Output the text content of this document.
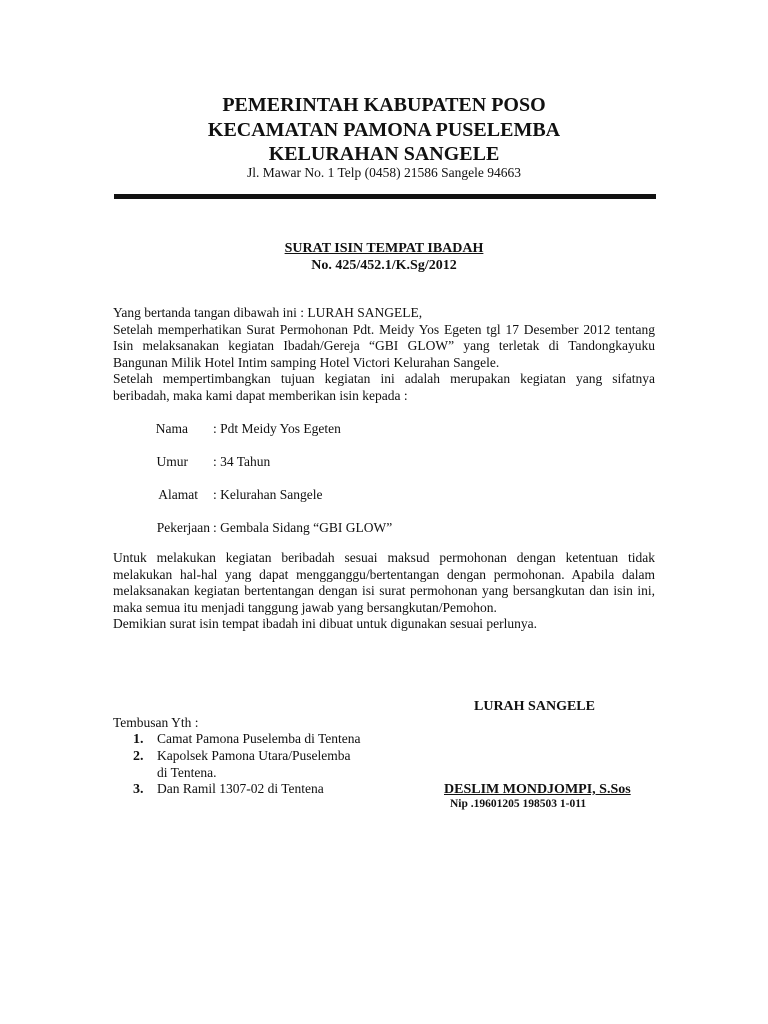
PEMERINTAH KABUPATEN POSO
KECAMATAN PAMONA PUSELEMBA
KELURAHAN SANGELE
Jl. Mawar No. 1 Telp (0458) 21586 Sangele 94663
SURAT ISIN TEMPAT IBADAH
No. 425/452.1/K.Sg/2012
Yang bertanda tangan dibawah ini : LURAH SANGELE,
Setelah memperhatikan Surat Permohonan Pdt. Meidy Yos Egeten tgl 17 Desember 2012 tentang
Isin melaksanakan kegiatan Ibadah/Gereja “GBI GLOW” yang terletak di Tandongkayuku
Bangunan Milik Hotel Intim samping Hotel Victori Kelurahan Sangele.
Setelah mempertimbangkan tujuan kegiatan ini adalah merupakan kegiatan yang sifatnya
beribadah, maka kami dapat memberikan isin kepada :
Nama : Pdt Meidy Yos Egeten
Umur : 34 Tahun
Alamat : Kelurahan Sangele
Pekerjaan : Gembala Sidang “GBI GLOW”
Untuk melakukan kegiatan beribadah sesuai maksud permohonan dengan ketentuan tidak
melakukan hal-hal yang dapat mengganggu/bertentangan dengan permohonan. Apabila dalam
melaksanakan kegiatan bertentangan dengan isi surat permohonan yang bersangkutan dan isin ini,
maka semua itu menjadi tanggung jawab yang bersangkutan/Pemohon.
Demikian surat isin tempat ibadah ini dibuat untuk digunakan sesuai perlunya.
LURAH SANGELE
DESLIM MONDJOMPI, S.Sos
Nip .19601205 198503 1-011
Tembusan Yth :
1. Camat Pamona Puselemba di Tentena
2. Kapolsek Pamona Utara/Puselemba
di Tentena.
3. Dan Ramil 1307-02 di Tentena
